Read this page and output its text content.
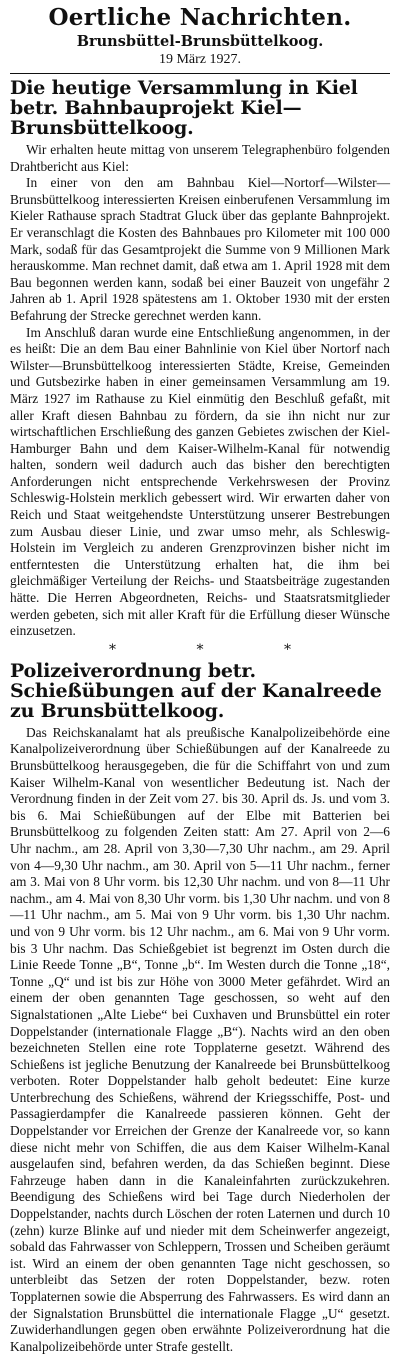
Oertliche Nachrichten.
Brunsbüttel-Brunsbüttelkoog.
19 März 1927.
Die heutige Versammlung in Kiel betr. Bahnbauprojekt Kiel—Brunsbüttelkoog.

Wir erhalten heute mittag von unserem Telegraphenbüro folgenden Drahtbericht aus Kiel:

In einer von den am Bahnbau Kiel—Nortorf—Wilster—Brunsbüttelkoog interessierten Kreisen einberufenen Versammlung im Kieler Rathause sprach Stadtrat Gluck über das geplante Bahnprojekt. Er veranschlagt die Kosten des Bahnbaues pro Kilometer mit 100 000 Mark, sodaß für das Gesamtprojekt die Summe von 9 Millionen Mark herauskomme. Man rechnet damit, daß etwa am 1. April 1928 mit dem Bau begonnen werden kann, sodaß bei einer Bauzeit von ungefähr 2 Jahren ab 1. April 1928 spätestens am 1. Oktober 1930 mit der ersten Befahrung der Strecke gerechnet werden kann.

Im Anschluß daran wurde eine Entschließung angenommen, in der es heißt: Die an dem Bau einer Bahnlinie von Kiel über Nortorf nach Wilster—Brunsbüttelkoog interessierten Städte, Kreise, Gemeinden und Gutsbezirke haben in einer gemeinsamen Versammlung am 19. März 1927 im Rathause zu Kiel einmütig den Beschluß gefaßt, mit aller Kraft diesen Bahnbau zu fördern, da sie ihn nicht nur zur wirtschaftlichen Erschließung des ganzen Gebietes zwischen der Kiel-Hamburger Bahn und dem Kaiser-Wilhelm-Kanal für notwendig halten, sondern weil dadurch auch das bisher den berechtigten Anforderungen nicht entsprechende Verkehrswesen der Provinz Schleswig-Holstein merklich gebessert wird. Wir erwarten daher von Reich und Staat weitgehendste Unterstützung unserer Bestrebungen zum Ausbau dieser Linie, und zwar umso mehr, als Schleswig-Holstein im Vergleich zu anderen Grenzprovinzen bisher nicht im entferntesten die Unterstützung erhalten hat, die ihm bei gleichmäßiger Verteilung der Reichs- und Staatsbeiträge zugestanden hätte. Die Herren Abgeordneten, Reichs- und Staatsratsmitglieder werden gebeten, sich mit aller Kraft für die Erfüllung dieser Wünsche einzusetzen.

* * *
Polizeiverordnung betr. Schießübungen auf der Kanalreede zu Brunsbüttelkoog.

Das Reichskanalamt hat als preußische Kanalpolizeibehörde eine Kanalpolizeiverordnung über Schießübungen auf der Kanalreede zu Brunsbüttelkoog herausgegeben, die für die Schiffahrt von und zum Kaiser Wilhelm-Kanal von wesentlicher Bedeutung ist. Nach der Verordnung finden in der Zeit vom 27. bis 30. April ds. Js. und vom 3. bis 6. Mai Schießübungen auf der Elbe mit Batterien bei Brunsbüttelkoog zu folgenden Zeiten statt: Am 27. April von 2—6 Uhr nachm., am 28. April von 3,30—7,30 Uhr nachm., am 29. April von 4—9,30 Uhr nachm., am 30. April von 5—11 Uhr nachm., ferner am 3. Mai von 8 Uhr vorm. bis 12,30 Uhr nachm. und von 8—11 Uhr nachm., am 4. Mai von 8,30 Uhr vorm. bis 1,30 Uhr nachm. und von 8—11 Uhr nachm., am 5. Mai von 9 Uhr vorm. bis 1,30 Uhr nachm. und von 9 Uhr vorm. bis 12 Uhr nachm., am 6. Mai von 9 Uhr vorm. bis 3 Uhr nachm. Das Schießgebiet ist begrenzt im Osten durch die Linie Reede Tonne „B“, Tonne „b“. Im Westen durch die Tonne „18“, Tonne „Q“ und ist bis zur Höhe von 3000 Meter gefährdet. Wird an einem der oben genannten Tage geschossen, so weht auf den Signalstationen „Alte Liebe“ bei Cuxhaven und Brunsbüttel ein roter Doppelstander (internationale Flagge „B“). Nachts wird an den oben bezeichneten Stellen eine rote Topplaterne gesetzt. Während des Schießens ist jegliche Benutzung der Kanalreede bei Brunsbüttelkoog verboten. Roter Doppelstander halb geholt bedeutet: Eine kurze Unterbrechung des Schießens, während der Kriegsschiffe, Post- und Passagierdampfer die Kanalreede passieren können. Geht der Doppelstander vor Erreichen der Grenze der Kanalreede vor, so kann diese nicht mehr von Schiffen, die aus dem Kaiser Wilhelm-Kanal ausgelaufen sind, befahren werden, da das Schießen beginnt. Diese Fahrzeuge haben dann in die Kanaleinfahrten zurückzukehren. Beendigung des Schießens wird bei Tage durch Niederholen der Doppelstander, nachts durch Löschen der roten Laternen und durch 10 (zehn) kurze Blinke auf und nieder mit dem Scheinwerfer angezeigt, sobald das Fahrwasser von Schleppern, Trossen und Scheiben geräumt ist. Wird an einem der oben genannten Tage nicht geschossen, so unterbleibt das Setzen der roten Doppelstander, bezw. roten Topplaternen sowie die Absperrung des Fahrwassers. Es wird dann an der Signalstation Brunsbüttel die internationale Flagge „U“ gesetzt. Zuwiderhandlungen gegen oben erwähnte Polizeiverordnung hat die Kanalpolizeibehörde unter Strafe gestellt.
